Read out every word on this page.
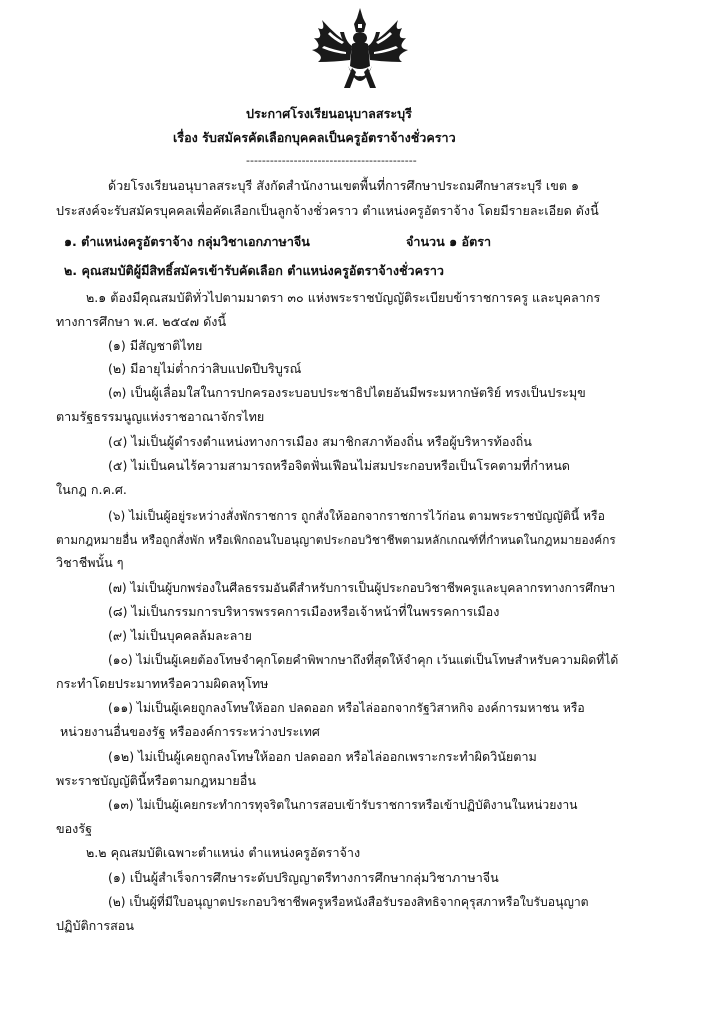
ประกาศโรงเรียนอนุบาลสระบุรี
เรื่อง รับสมัครคัดเลือกบุคคลเป็นครูอัตราจ้างชั่วคราว
-------------------------------------------
ด้วยโรงเรียนอนุบาลสระบุรี สังกัดสำนักงานเขตพื้นที่การศึกษาประถมศึกษาสระบุรี เขต ๑
ประสงค์จะรับสมัครบุคคลเพื่อคัดเลือกเป็นลูกจ้างชั่วคราว ตำแหน่งครูอัตราจ้าง โดยมีรายละเอียด ดังนี้
๑. ตำแหน่งครูอัตราจ้าง กลุ่มวิชาเอกภาษาจีน	จำนวน ๑ อัตรา
๒. คุณสมบัติผู้มีสิทธิ์สมัครเข้ารับคัดเลือก ตำแหน่งครูอัตราจ้างชั่วคราว
๒.๑ ต้องมีคุณสมบัติทั่วไปตามมาตรา ๓๐ แห่งพระราชบัญญัติระเบียบข้าราชการครู และบุคลากร
ทางการศึกษา พ.ศ. ๒๕๔๗ ดังนี้
(๑) มีสัญชาติไทย
(๒) มีอายุไม่ต่ำกว่าสิบแปดปีบริบูรณ์
(๓) เป็นผู้เลื่อมใสในการปกครองระบอบประชาธิปไตยอันมีพระมหากษัตริย์ ทรงเป็นประมุข
ตามรัฐธรรมนูญแห่งราชอาณาจักรไทย
(๔) ไม่เป็นผู้ดำรงตำแหน่งทางการเมือง สมาชิกสภาท้องถิ่น หรือผู้บริหารท้องถิ่น
(๕) ไม่เป็นคนไร้ความสามารถหรือจิตฟั่นเฟือนไม่สมประกอบหรือเป็นโรคตามที่กำหนด
ในกฎ ก.ค.ศ.
(๖) ไม่เป็นผู้อยู่ระหว่างสั่งพักราชการ ถูกสั่งให้ออกจากราชการไว้ก่อน ตามพระราชบัญญัตินี้ หรือ
ตามกฎหมายอื่น หรือถูกสั่งพัก หรือเพิกถอนใบอนุญาตประกอบวิชาชีพตามหลักเกณฑ์ที่กำหนดในกฎหมายองค์กร
วิชาชีพนั้น ๆ
(๗) ไม่เป็นผู้บกพร่องในศีลธรรมอันดีสำหรับการเป็นผู้ประกอบวิชาชีพครูและบุคลากรทางการศึกษา
(๘) ไม่เป็นกรรมการบริหารพรรคการเมืองหรือเจ้าหน้าที่ในพรรคการเมือง
(๙) ไม่เป็นบุคคลล้มละลาย
(๑๐) ไม่เป็นผู้เคยต้องโทษจำคุกโดยคำพิพากษาถึงที่สุดให้จำคุก เว้นแต่เป็นโทษสำหรับความผิดที่ได้
กระทำโดยประมาทหรือความผิดลหุโทษ
(๑๑) ไม่เป็นผู้เคยถูกลงโทษให้ออก ปลดออก หรือไล่ออกจากรัฐวิสาหกิจ องค์การมหาชน หรือ
หน่วยงานอื่นของรัฐ หรือองค์การระหว่างประเทศ
(๑๒) ไม่เป็นผู้เคยถูกลงโทษให้ออก ปลดออก หรือไล่ออกเพราะกระทำผิดวินัยตาม
พระราชบัญญัตินี้หรือตามกฎหมายอื่น
(๑๓) ไม่เป็นผู้เคยกระทำการทุจริตในการสอบเข้ารับราชการหรือเข้าปฏิบัติงานในหน่วยงาน
ของรัฐ
๒.๒ คุณสมบัติเฉพาะตำแหน่ง ตำแหน่งครูอัตราจ้าง
(๑) เป็นผู้สำเร็จการศึกษาระดับปริญญาตรีทางการศึกษากลุ่มวิชาภาษาจีน
(๒) เป็นผู้ที่มีใบอนุญาตประกอบวิชาชีพครูหรือหนังสือรับรองสิทธิจากคุรุสภาหรือใบรับอนุญาต
ปฏิบัติการสอน
